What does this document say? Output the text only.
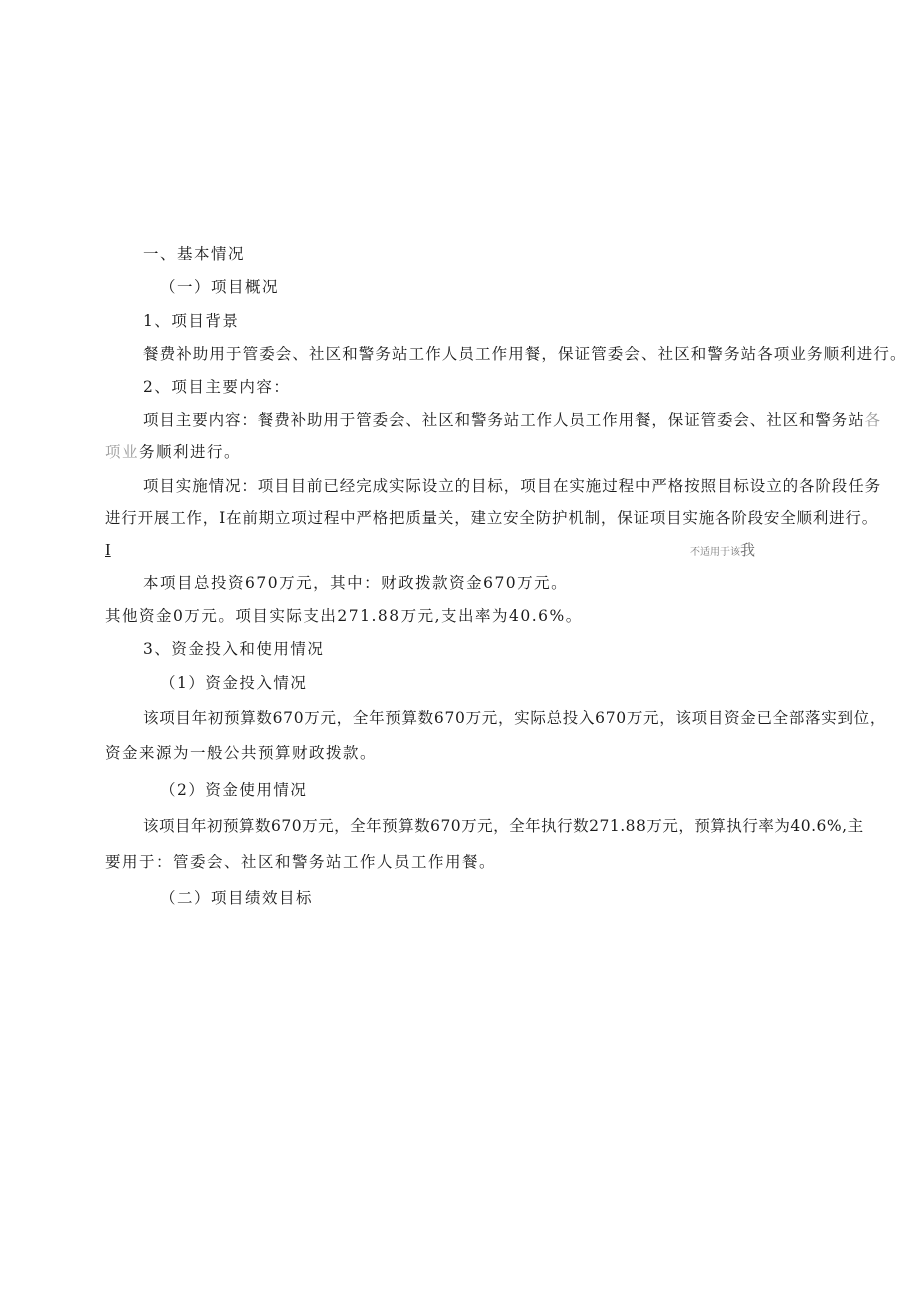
一、基本情况
（一）项目概况
1、项目背景
餐费补助用于管委会、社区和警务站工作人员工作用餐，保证管委会、社区和警务站各项业务顺利进行。
2、项目主要内容：
项目主要内容：餐费补助用于管委会、社区和警务站工作人员工作用餐，保证管委会、社区和警务站各
项业务顺利进行。
项目实施情况：项目目前已经完成实际设立的目标，项目在实施过程中严格按照目标设立的各阶段任务
进行开展工作，I在前期立项过程中严格把质量关，建立安全防护机制，保证项目实施各阶段安全顺利进行。
I	不适用于该我
本项目总投资670万元，其中：财政拨款资金670万元。
其他资金0万元。项目实际支出271.88万元,支出率为40.6%。
3、资金投入和使用情况
（1）资金投入情况
该项目年初预算数670万元，全年预算数670万元，实际总投入670万元，该项目资金已全部落实到位，
资金来源为一般公共预算财政拨款。
（2）资金使用情况
该项目年初预算数670万元，全年预算数670万元，全年执行数271.88万元，预算执行率为40.6%,主
要用于：管委会、社区和警务站工作人员工作用餐。
（二）项目绩效目标
